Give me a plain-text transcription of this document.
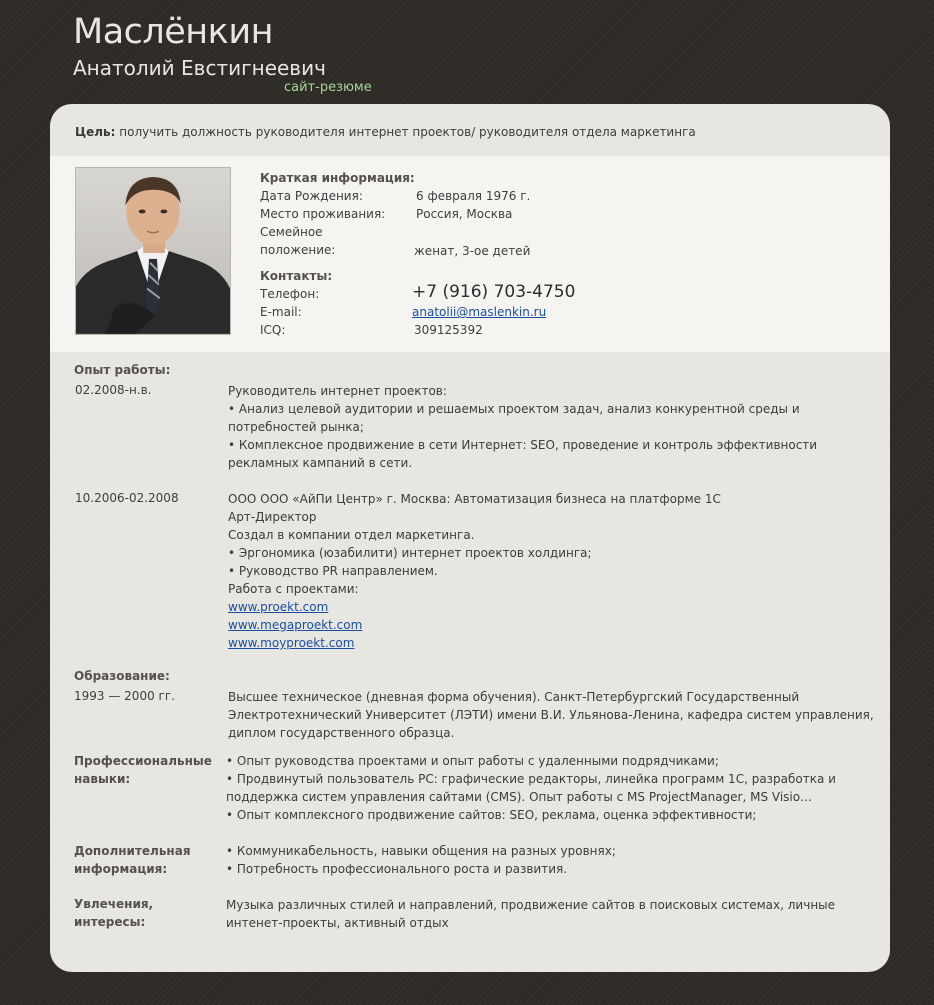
Маслёнкин
Анатолий Евстигнеевич
сайт-резюме
Цель: получить должность руководителя интернет проектов/ руководителя отдела маркетинга
Краткая информация:
Дата Рождения:	6 февраля 1976 г.
Место проживания:	Россия, Москва
Семейное
положение:	женат, 3-ое детей
Контакты:
Телефон:	+7 (916) 703-4750
E-mail:	anatolii@maslenkin.ru
ICQ:	309125392
Опыт работы:
02.2008-н.в.	Руководитель интернет проектов:
• Анализ целевой аудитории и решаемых проектом задач, анализ конкурентной среды и
потребностей рынка;
• Комплексное продвижение в сети Интернет: SEO, проведение и контроль эффективности
рекламных кампаний в сети.
10.2006-02.2008	ООО ООО «АйПи Центр» г. Москва: Автоматизация бизнеса на платформе 1С
Арт-Директор
Создал в компании отдел маркетинга.
• Эргономика (юзабилити) интернет проектов холдинга;
• Руководство PR направлением.
Работа с проектами:
www.proekt.com
www.megaproekt.com
www.moyproekt.com
Образование:
1993 — 2000 гг.	Высшее техническое (дневная форма обучения). Санкт-Петербургский Государственный
Электротехнический Университет (ЛЭТИ) имени В.И. Ульянова-Ленина, кафедра систем управления,
диплом государственного образца.
Профессиональные
навыки:
• Опыт руководства проектами и опыт работы с удаленными подрядчиками;
• Продвинутый пользователь PC: графические редакторы, линейка программ 1С, разработка и
поддержка систем управления сайтами (CMS). Опыт работы с MS ProjectManager, MS Visio…
• Опыт комплексного продвижение сайтов: SEO, реклама, оценка эффективности;
Дополнительная
информация:
• Коммуникабельность, навыки общения на разных уровнях;
• Потребность профессионального роста и развития.
Увлечения,
интересы:
Музыка различных стилей и направлений, продвижение сайтов в поисковых системах, личные
интенет-проекты, активный отдых
